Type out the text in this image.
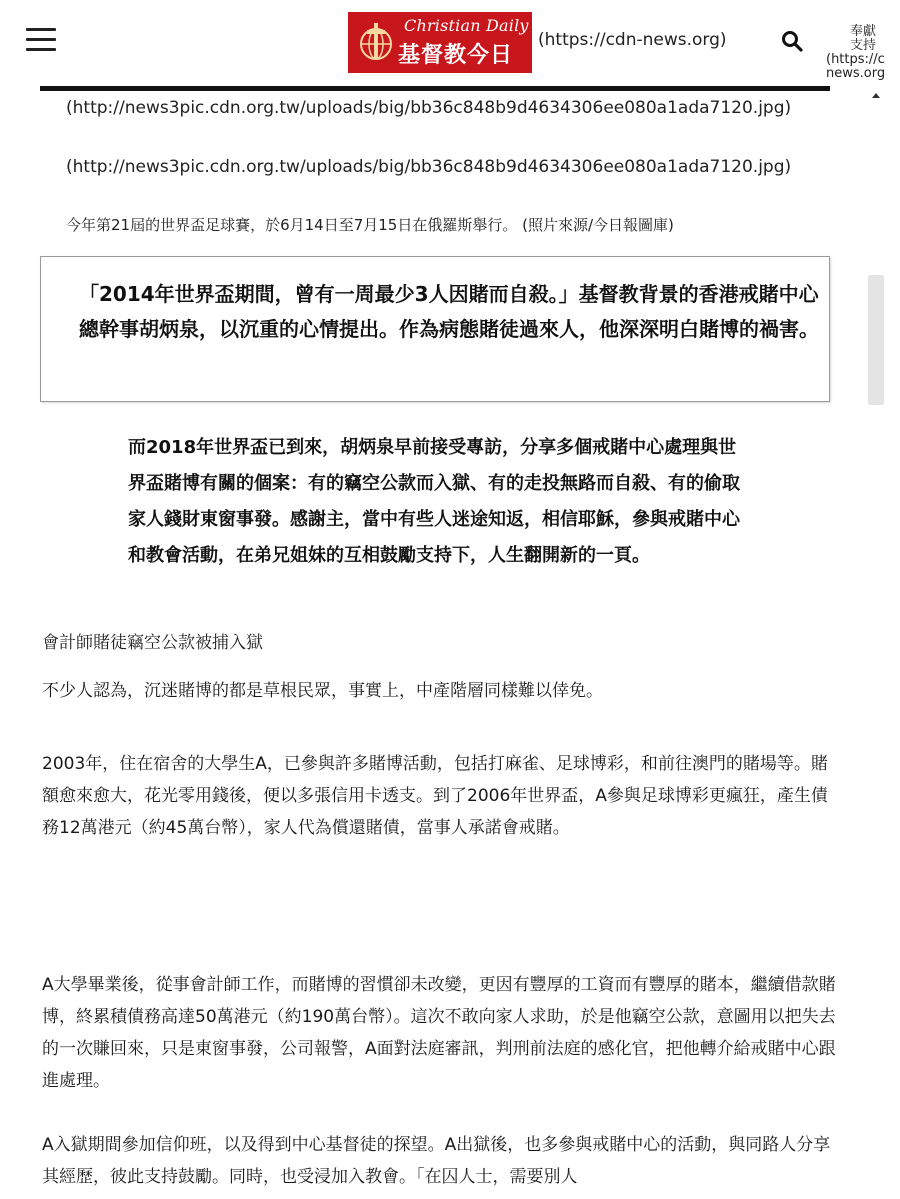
Christian Daily
基督教今日
(https://cdn-news.org)	奉獻
支持
(https://c
news.org
(http://news3pic.cdn.org.tw/uploads/big/bb36c848b9d4634306ee080a1ada7120.jpg)
(http://news3pic.cdn.org.tw/uploads/big/bb36c848b9d4634306ee080a1ada7120.jpg)
今年第21屆的世界盃足球賽，於6月14日至7月15日在俄羅斯舉行。 (照片來源/今日報圖庫)
「2014年世界盃期間，曾有一周最少3人因賭而自殺。」基督教背景的香港戒賭中心總幹事胡炳泉，以沉重的心情提出。作為病態賭徒過來人，他深深明白賭博的禍害。
而2018年世界盃已到來，胡炳泉早前接受專訪，分享多個戒賭中心處理與世界盃賭博有關的個案：有的竊空公款而入獄、有的走投無路而自殺、有的偷取家人錢財東窗事發。感謝主，當中有些人迷途知返，相信耶穌，參與戒賭中心和教會活動，在弟兄姐妹的互相鼓勵支持下，人生翻開新的一頁。
會計師賭徒竊空公款被捕入獄
不少人認為，沉迷賭博的都是草根民眾，事實上，中產階層同樣難以倖免。
2003年，住在宿舍的大學生A，已參與許多賭博活動，包括打麻雀、足球博彩，和前往澳門的賭場等。賭額愈來愈大，花光零用錢後，便以多張信用卡透支。到了2006年世界盃，A參與足球博彩更瘋狂，產生債務12萬港元（約45萬台幣），家人代為償還賭債，當事人承諾會戒賭。
A大學畢業後，從事會計師工作，而賭博的習慣卻未改變，更因有豐厚的工資而有豐厚的賭本，繼續借款賭博，終累積債務高達50萬港元（約190萬台幣）。這次不敢向家人求助，於是他竊空公款，意圖用以把失去的一次賺回來，只是東窗事發，公司報警，A面對法庭審訊，判刑前法庭的感化官，把他轉介給戒賭中心跟進處理。
A入獄期間參加信仰班，以及得到中心基督徒的探望。A出獄後，也多參與戒賭中心的活動，與同路人分享其經歷，彼此支持鼓勵。同時，也受浸加入教會。「在囚人士，需要別人
